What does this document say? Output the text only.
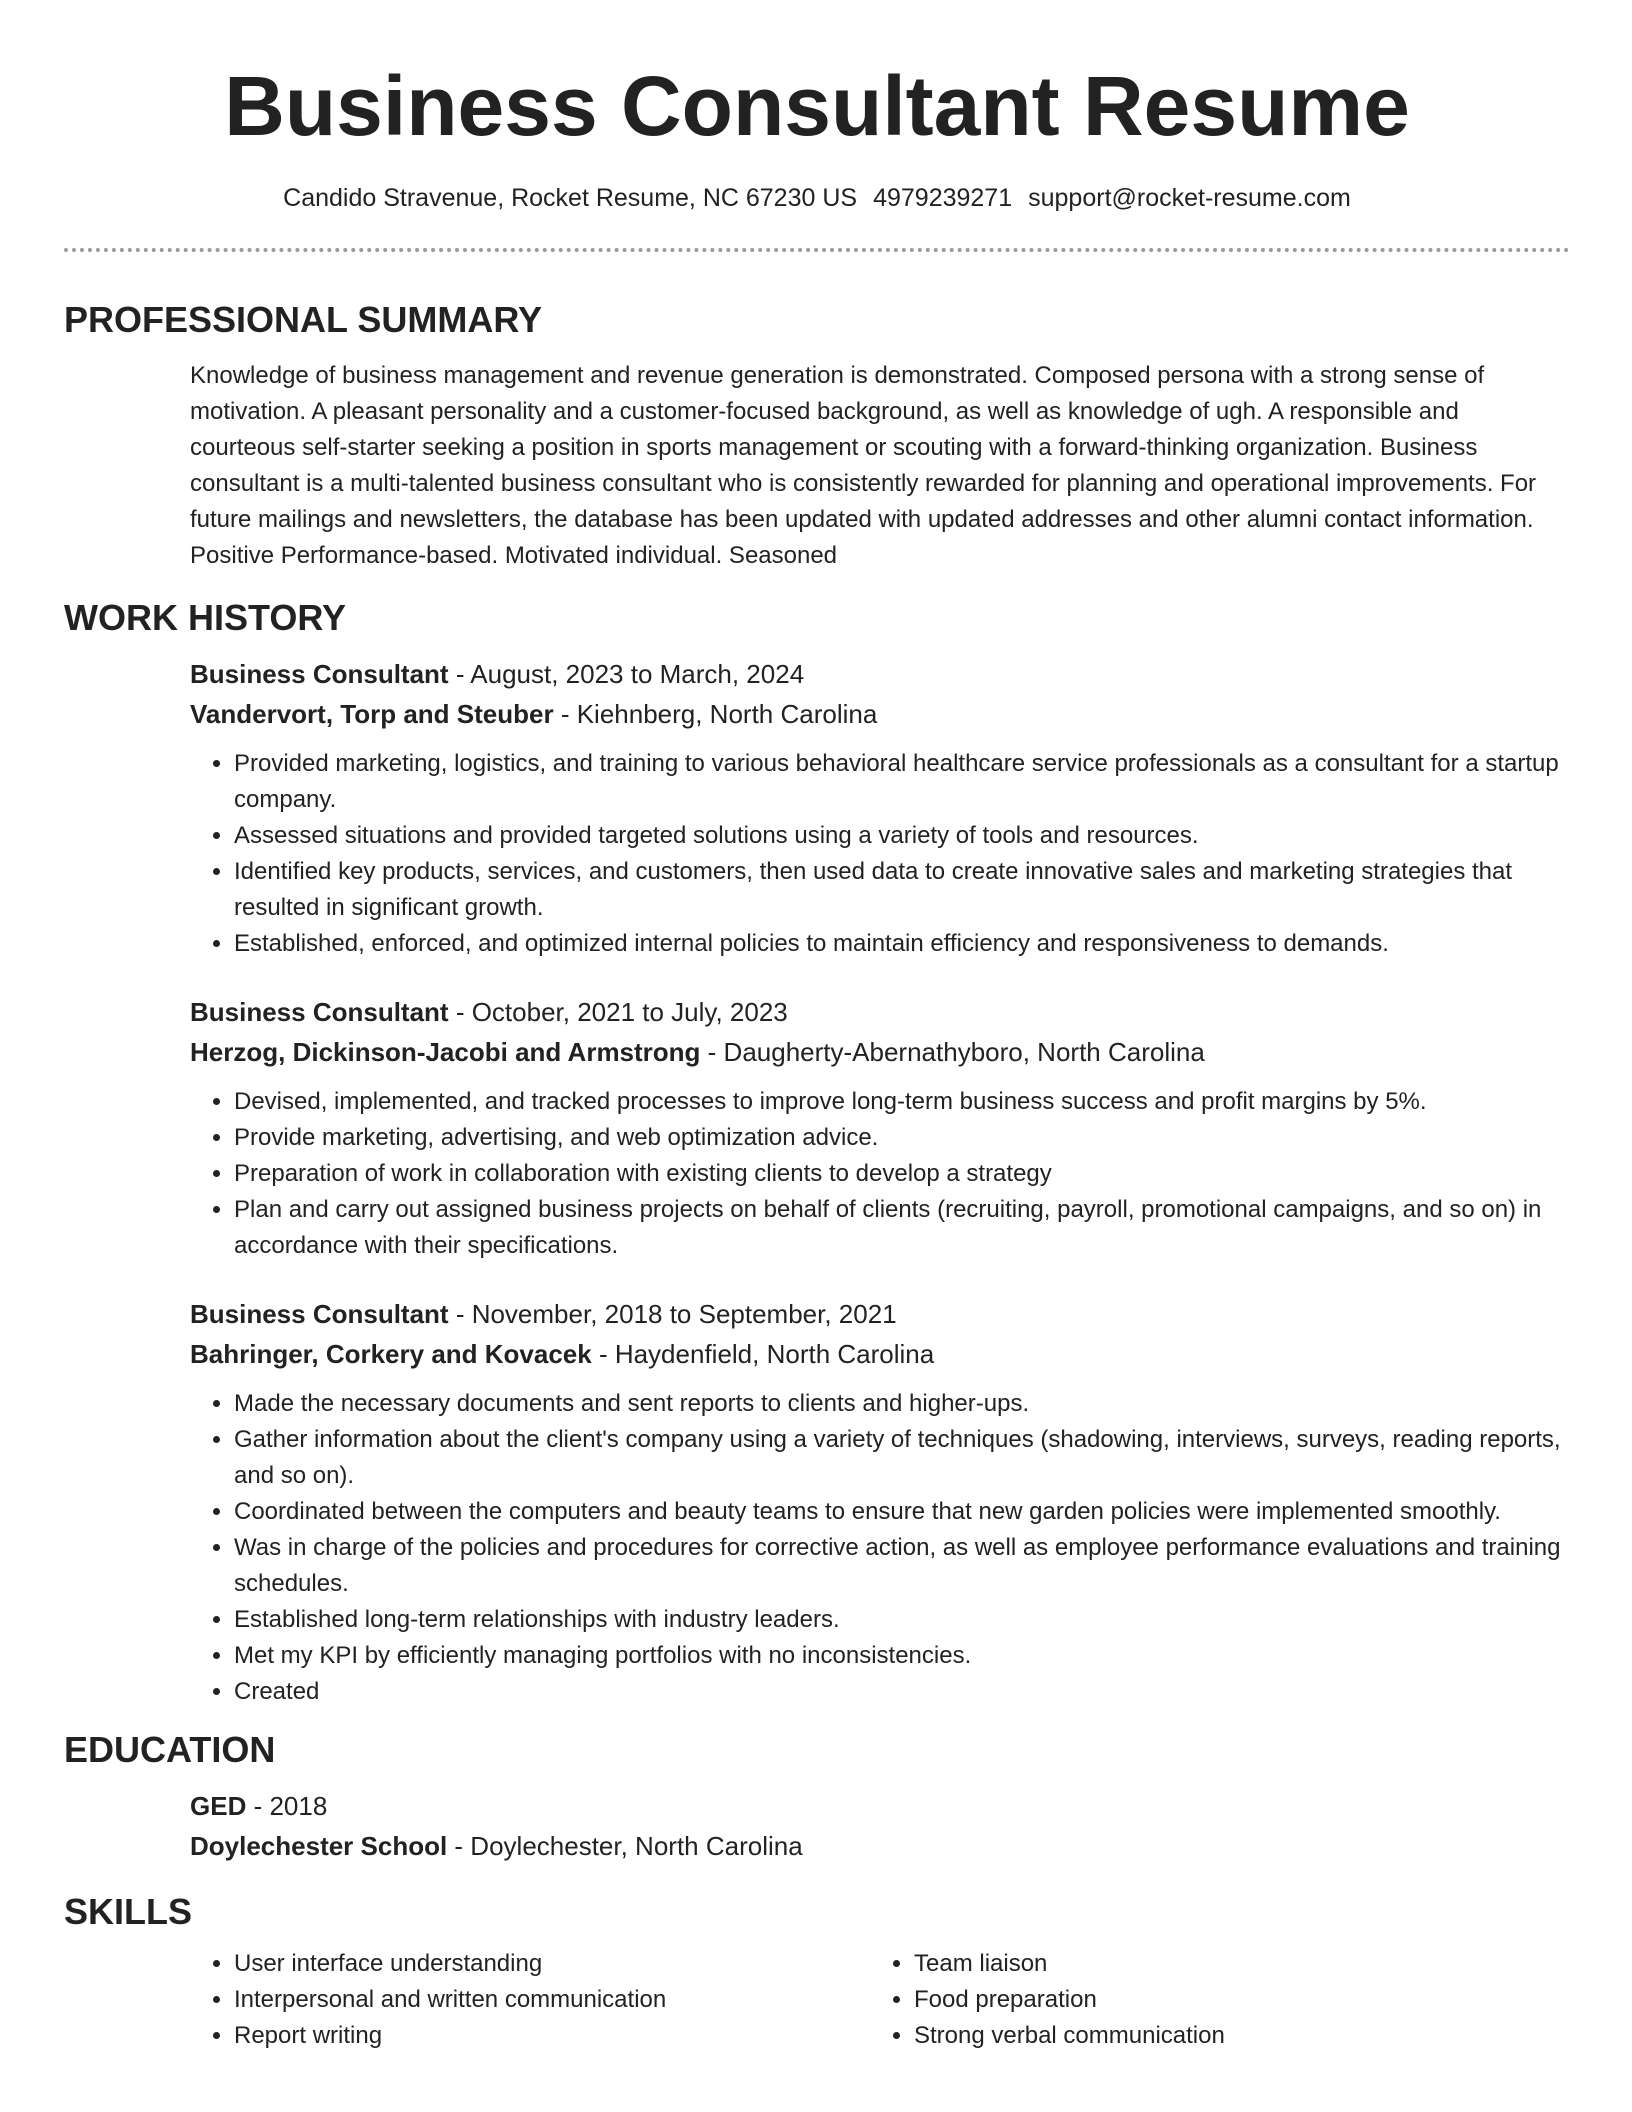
Business Consultant Resume
Candido Stravenue, Rocket Resume, NC 67230 US 4979239271 support@rocket-resume.com
PROFESSIONAL SUMMARY
Knowledge of business management and revenue generation is demonstrated. Composed persona with a strong sense of motivation. A pleasant personality and a customer-focused background, as well as knowledge of ugh. A responsible and courteous self-starter seeking a position in sports management or scouting with a forward-thinking organization. Business consultant is a multi-talented business consultant who is consistently rewarded for planning and operational improvements. For future mailings and newsletters, the database has been updated with updated addresses and other alumni contact information. Positive Performance-based. Motivated individual. Seasoned
WORK HISTORY
Business Consultant - August, 2023 to March, 2024
Vandervort, Torp and Steuber - Kiehnberg, North Carolina
• Provided marketing, logistics, and training to various behavioral healthcare service professionals as a consultant for a startup company.
• Assessed situations and provided targeted solutions using a variety of tools and resources.
• Identified key products, services, and customers, then used data to create innovative sales and marketing strategies that resulted in significant growth.
• Established, enforced, and optimized internal policies to maintain efficiency and responsiveness to demands.
Business Consultant - October, 2021 to July, 2023
Herzog, Dickinson-Jacobi and Armstrong - Daugherty-Abernathyboro, North Carolina
• Devised, implemented, and tracked processes to improve long-term business success and profit margins by 5%.
• Provide marketing, advertising, and web optimization advice.
• Preparation of work in collaboration with existing clients to develop a strategy
• Plan and carry out assigned business projects on behalf of clients (recruiting, payroll, promotional campaigns, and so on) in accordance with their specifications.
Business Consultant - November, 2018 to September, 2021
Bahringer, Corkery and Kovacek - Haydenfield, North Carolina
• Made the necessary documents and sent reports to clients and higher-ups.
• Gather information about the client's company using a variety of techniques (shadowing, interviews, surveys, reading reports, and so on).
• Coordinated between the computers and beauty teams to ensure that new garden policies were implemented smoothly.
• Was in charge of the policies and procedures for corrective action, as well as employee performance evaluations and training schedules.
• Established long-term relationships with industry leaders.
• Met my KPI by efficiently managing portfolios with no inconsistencies.
• Created
EDUCATION
GED - 2018
Doylechester School - Doylechester, North Carolina
SKILLS
• User interface understanding
• Interpersonal and written communication
• Report writing
• Team liaison
• Food preparation
• Strong verbal communication
